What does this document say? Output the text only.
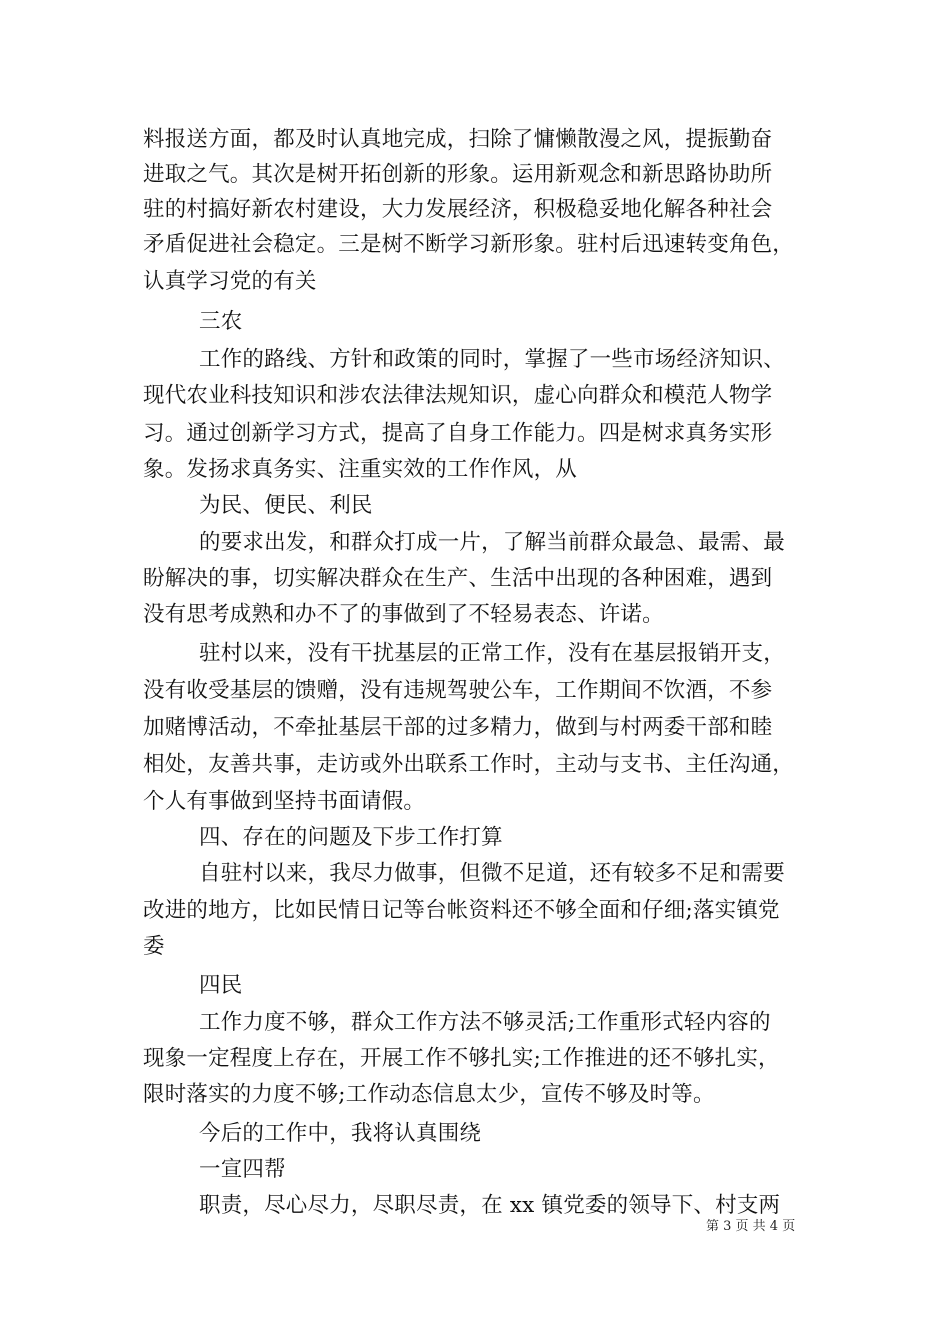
料报送方面，都及时认真地完成，扫除了慵懒散漫之风，提振勤奋
进取之气。其次是树开拓创新的形象。运用新观念和新思路协助所
驻的村搞好新农村建设，大力发展经济，积极稳妥地化解各种社会
矛盾促进社会稳定。三是树不断学习新形象。驻村后迅速转变角色，
认真学习党的有关
三农
工作的路线、方针和政策的同时，掌握了一些市场经济知识、
现代农业科技知识和涉农法律法规知识，虚心向群众和模范人物学
习。通过创新学习方式，提高了自身工作能力。四是树求真务实形
象。发扬求真务实、注重实效的工作作风，从
为民、便民、利民
的要求出发，和群众打成一片，了解当前群众最急、最需、最
盼解决的事，切实解决群众在生产、生活中出现的各种困难，遇到
没有思考成熟和办不了的事做到了不轻易表态、许诺。
驻村以来，没有干扰基层的正常工作，没有在基层报销开支，
没有收受基层的馈赠，没有违规驾驶公车，工作期间不饮酒，不参
加赌博活动，不牵扯基层干部的过多精力，做到与村两委干部和睦
相处，友善共事，走访或外出联系工作时，主动与支书、主任沟通，
个人有事做到坚持书面请假。
四、存在的问题及下步工作打算
自驻村以来，我尽力做事，但微不足道，还有较多不足和需要
改进的地方，比如民情日记等台帐资料还不够全面和仔细;落实镇党
委
四民
工作力度不够，群众工作方法不够灵活;工作重形式轻内容的
现象一定程度上存在，开展工作不够扎实;工作推进的还不够扎实，
限时落实的力度不够;工作动态信息太少，宣传不够及时等。
今后的工作中，我将认真围绕
一宣四帮
职责，尽心尽力，尽职尽责，在 xx 镇党委的领导下、村支两
第 3 页 共 4 页
